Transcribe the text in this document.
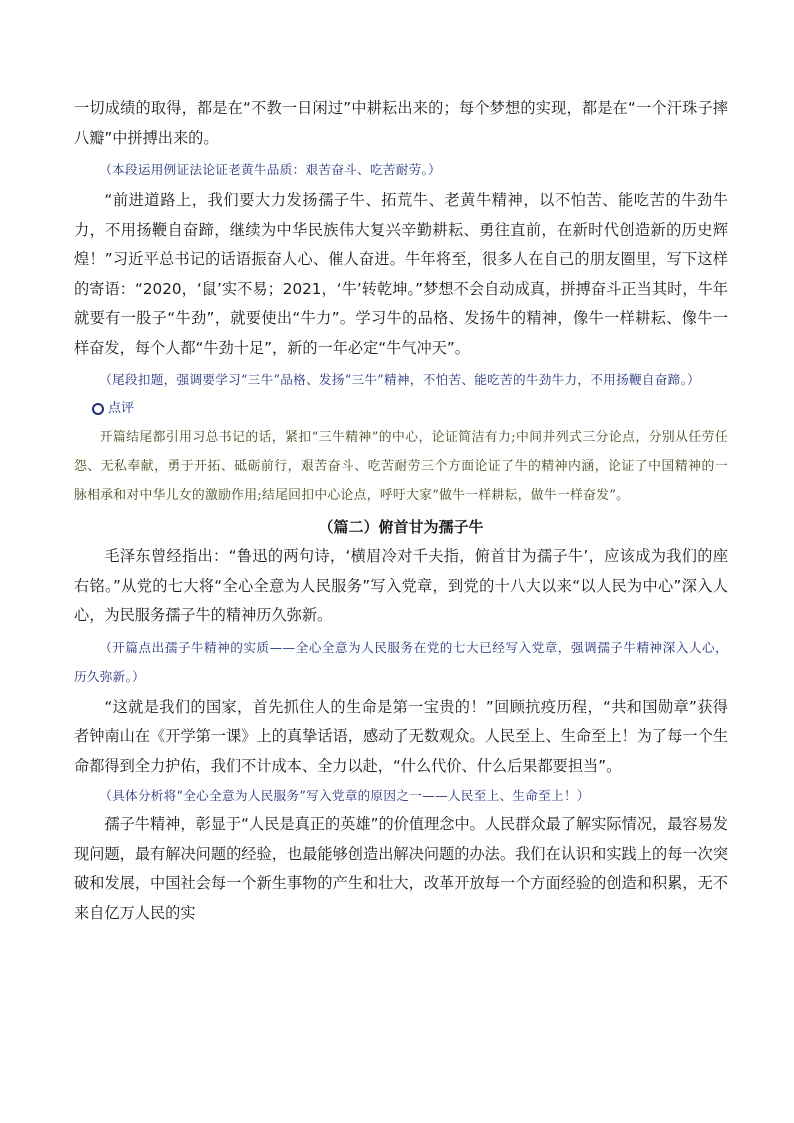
一切成绩的取得，都是在“不教一日闲过”中耕耘出来的；每个梦想的实现，都是在“一个汗珠子摔八瓣”中拼搏出来的。

（本段运用例证法论证老黄牛品质：艰苦奋斗、吃苦耐劳。）

“前进道路上，我们要大力发扬孺子牛、拓荒牛、老黄牛精神，以不怕苦、能吃苦的牛劲牛力，不用扬鞭自奋蹄，继续为中华民族伟大复兴辛勤耕耘、勇往直前，在新时代创造新的历史辉煌！”习近平总书记的话语振奋人心、催人奋进。牛年将至，很多人在自己的朋友圈里，写下这样的寄语：“2020，‘鼠’实不易；2021，‘牛’转乾坤。”梦想不会自动成真，拼搏奋斗正当其时，牛年就要有一股子“牛劲”，就要使出“牛力”。学习牛的品格、发扬牛的精神，像牛一样耕耘、像牛一样奋发，每个人都“牛劲十足”，新的一年必定“牛气冲天”。

（尾段扣题，强调要学习“三牛”品格、发扬“三牛”精神，不怕苦、能吃苦的牛劲牛力，不用扬鞭自奋蹄。）

点评

开篇结尾都引用习总书记的话，紧扣“三牛精神”的中心，论证简洁有力;中间并列式三分论点，分别从任劳任怨、无私奉献，勇于开拓、砥砺前行，艰苦奋斗、吃苦耐劳三个方面论证了牛的精神内涵，论证了中国精神的一脉相承和对中华儿女的激励作用;结尾回扣中心论点，呼吁大家“做牛一样耕耘，做牛一样奋发”。

（篇二）俯首甘为孺子牛

毛泽东曾经指出：“鲁迅的两句诗，‘横眉冷对千夫指，俯首甘为孺子牛’，应该成为我们的座右铭。”从党的七大将“全心全意为人民服务”写入党章，到党的十八大以来“以人民为中心”深入人心，为民服务孺子牛的精神历久弥新。

（开篇点出孺子牛精神的实质——全心全意为人民服务在党的七大已经写入党章，强调孺子牛精神深入人心，历久弥新。）

“这就是我们的国家，首先抓住人的生命是第一宝贵的！”回顾抗疫历程，“共和国勋章”获得者钟南山在《开学第一课》上的真挚话语，感动了无数观众。人民至上、生命至上！为了每一个生命都得到全力护佑，我们不计成本、全力以赴，“什么代价、什么后果都要担当”。

（具体分析将“全心全意为人民服务”写入党章的原因之一——人民至上、生命至上！）

孺子牛精神，彰显于“人民是真正的英雄”的价值理念中。人民群众最了解实际情况，最容易发现问题，最有解决问题的经验，也最能够创造出解决问题的办法。我们在认识和实践上的每一次突破和发展，中国社会每一个新生事物的产生和壮大，改革开放每一个方面经验的创造和积累，无不来自亿万人民的实
